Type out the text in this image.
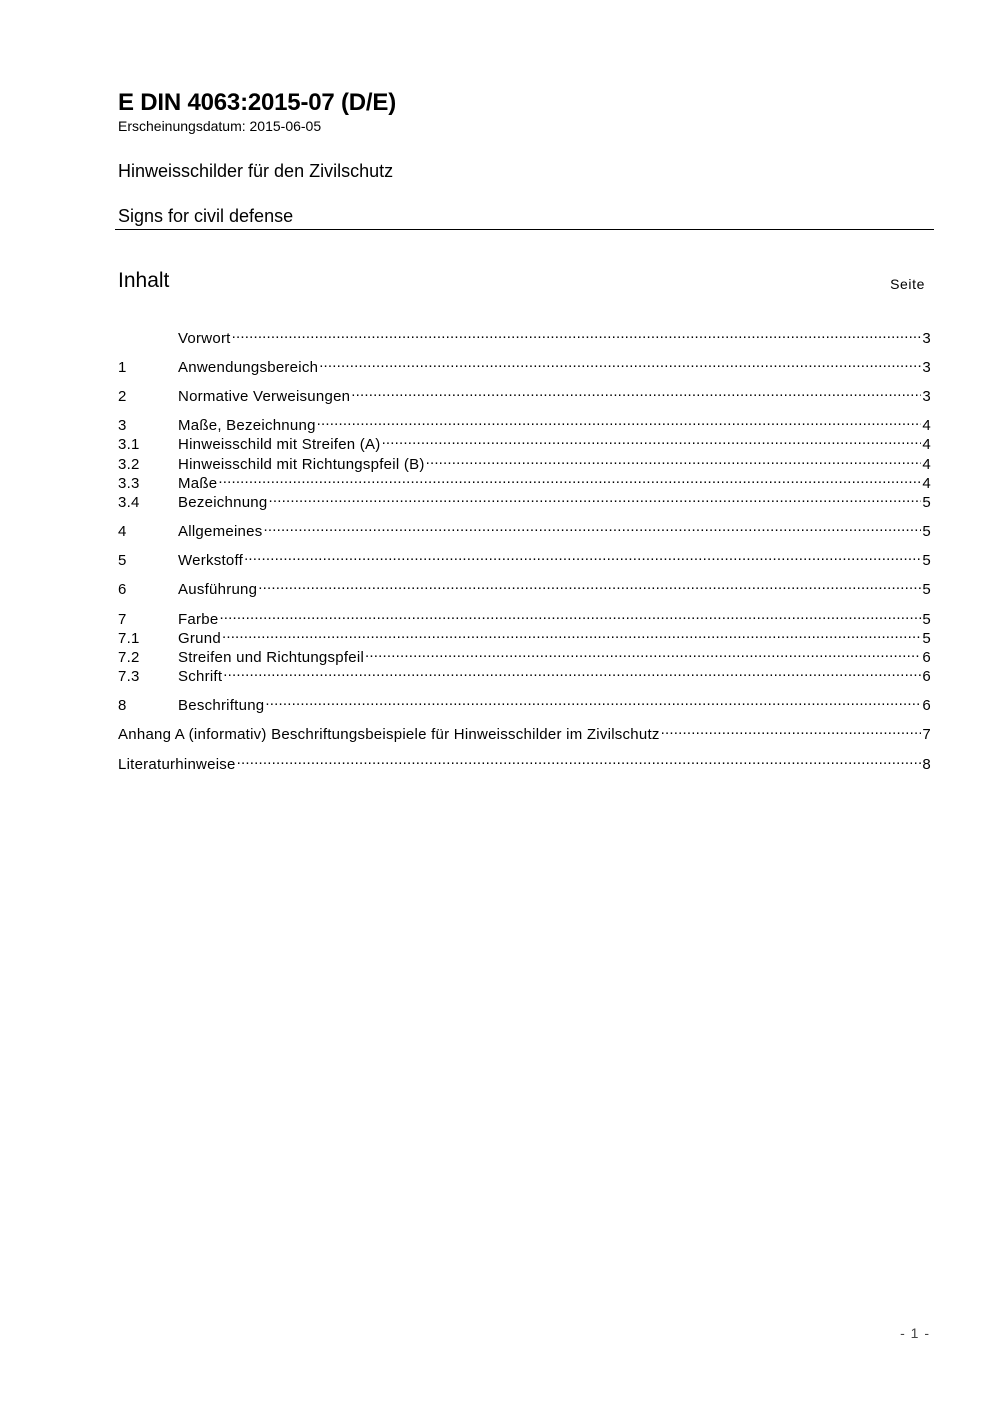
E DIN 4063:2015-07 (D/E)
Erscheinungsdatum: 2015-06-05
Hinweisschilder für den Zivilschutz
Signs for civil defense
Inhalt	Seite
Vorwort .....	3
1	Anwendungsbereich .....	3
2	Normative Verweisungen .....	3
3	Maße, Bezeichnung .....	4
3.1	Hinweisschild mit Streifen (A) .....	4
3.2	Hinweisschild mit Richtungspfeil (B) .....	4
3.3	Maße .....	4
3.4	Bezeichnung .....	5
4	Allgemeines .....	5
5	Werkstoff .....	5
6	Ausführung .....	5
7	Farbe .....	5
7.1	Grund .....	5
7.2	Streifen und Richtungspfeil .....	6
7.3	Schrift .....	6
8	Beschriftung .....	6
Anhang A (informativ) Beschriftungsbeispiele für Hinweisschilder im Zivilschutz .....	7
Literaturhinweise .....	8
- 1 -
